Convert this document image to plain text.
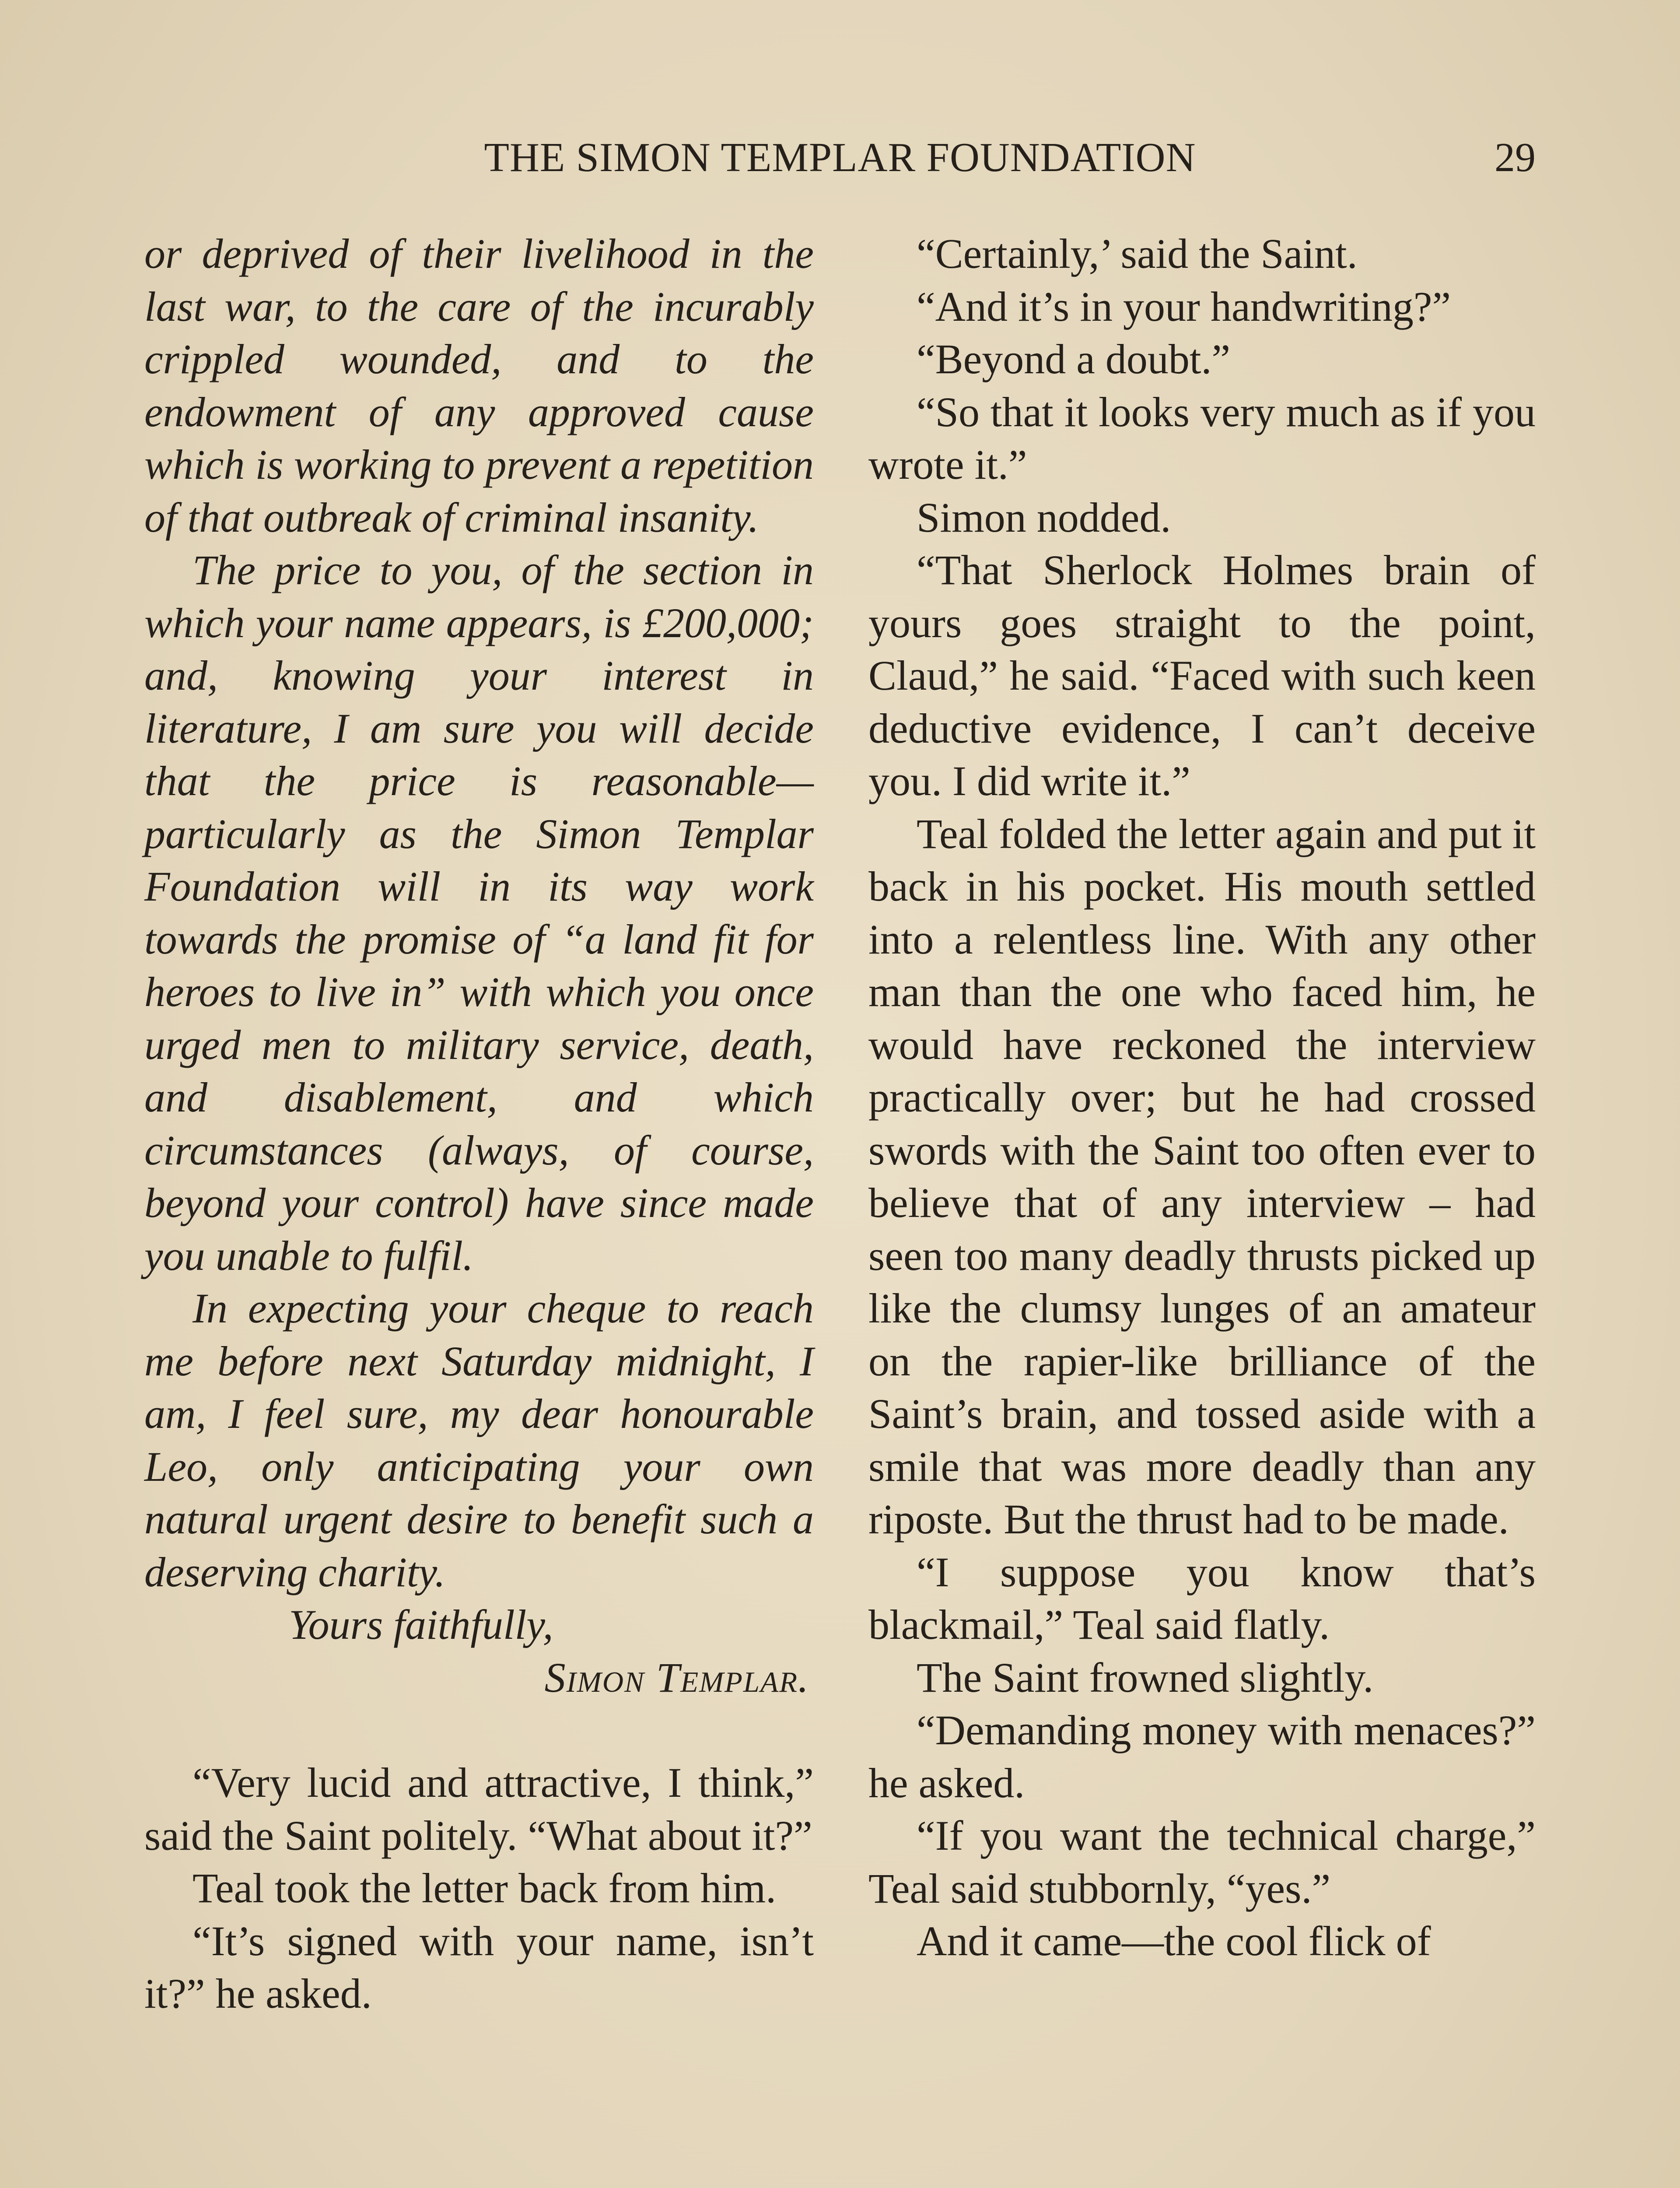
THE SIMON TEMPLAR FOUNDATION	29

or deprived of their livelihood in the last war, to the care of the incurably crippled wounded, and to the endowment of any approved cause which is working to prevent a repetition of that outbreak of criminal insanity.

The price to you, of the section in which your name appears, is £200,000; and, knowing your interest in literature, I am sure you will decide that the price is reasonable—particularly as the Simon Templar Foundation will in its way work towards the promise of “a land fit for heroes to live in” with which you once urged men to military service, death, and disablement, and which circumstances (always, of course, beyond your control) have since made you unable to fulfil.

In expecting your cheque to reach me before next Saturday midnight, I am, I feel sure, my dear honourable Leo, only anticipating your own natural urgent desire to benefit such a deserving charity.

Yours faithfully,

Simon Templar.

“Very lucid and attractive, I think,” said the Saint politely. “What about it?”

Teal took the letter back from him.

“It’s signed with your name, isn’t it?” he asked.

“Certainly,’ said the Saint.

“And it’s in your handwriting?”

“Beyond a doubt.”

“So that it looks very much as if you wrote it.”

Simon nodded.

“That Sherlock Holmes brain of yours goes straight to the point, Claud,” he said. “Faced with such keen deductive evidence, I can’t deceive you. I did write it.”

Teal folded the letter again and put it back in his pocket. His mouth settled into a relentless line. With any other man than the one who faced him, he would have reckoned the interview practically over; but he had crossed swords with the Saint too often ever to believe that of any interview – had seen too many deadly thrusts picked up like the clumsy lunges of an amateur on the rapier-like brilliance of the Saint’s brain, and tossed aside with a smile that was more deadly than any riposte. But the thrust had to be made.

“I suppose you know that’s blackmail,” Teal said flatly.

The Saint frowned slightly.

“Demanding money with menaces?” he asked.

“If you want the technical charge,” Teal said stubbornly, “yes.”

And it came—the cool flick of
